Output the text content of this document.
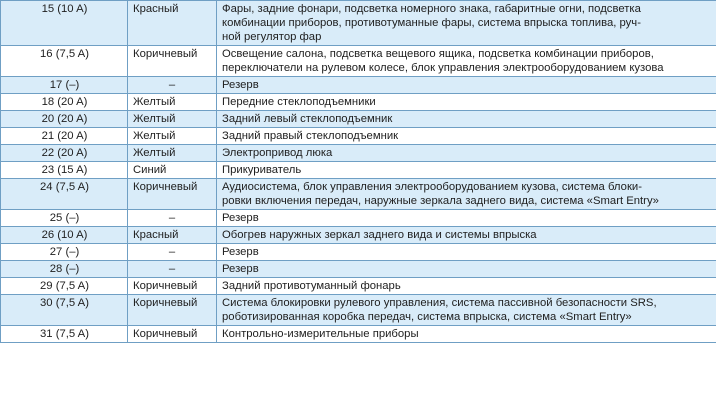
15 (10 A)	Красный	Фары, задние фонари, подсветка номерного знака, габаритные огни, подсветка
комбинации приборов, противотуманные фары, система впрыска топлива, руч-
ной регулятор фар
16 (7,5 A)	Коричневый	Освещение салона, подсветка вещевого ящика, подсветка комбинации приборов,
переключатели на рулевом колесе, блок управления электрооборудованием кузова
17 (–)	–	Резерв
18 (20 A)	Желтый	Передние стеклоподъемники
20 (20 A)	Желтый	Задний левый стеклоподъемник
21 (20 A)	Желтый	Задний правый стеклоподъемник
22 (20 A)	Желтый	Электропривод люка
23 (15 A)	Синий	Прикуриватель
24 (7,5 A)	Коричневый	Аудиосистема, блок управления электрооборудованием кузова, система блоки-
ровки включения передач, наружные зеркала заднего вида, система «Smart Entry»
25 (–)	–	Резерв
26 (10 A)	Красный	Обогрев наружных зеркал заднего вида и системы впрыска
27 (–)	–	Резерв
28 (–)	–	Резерв
29 (7,5 A)	Коричневый	Задний противотуманный фонарь
30 (7,5 A)	Коричневый	Система блокировки рулевого управления, система пассивной безопасности SRS,
роботизированная коробка передач, система впрыска, система «Smart Entry»
31 (7,5 A)	Коричневый	Контрольно-измерительные приборы
